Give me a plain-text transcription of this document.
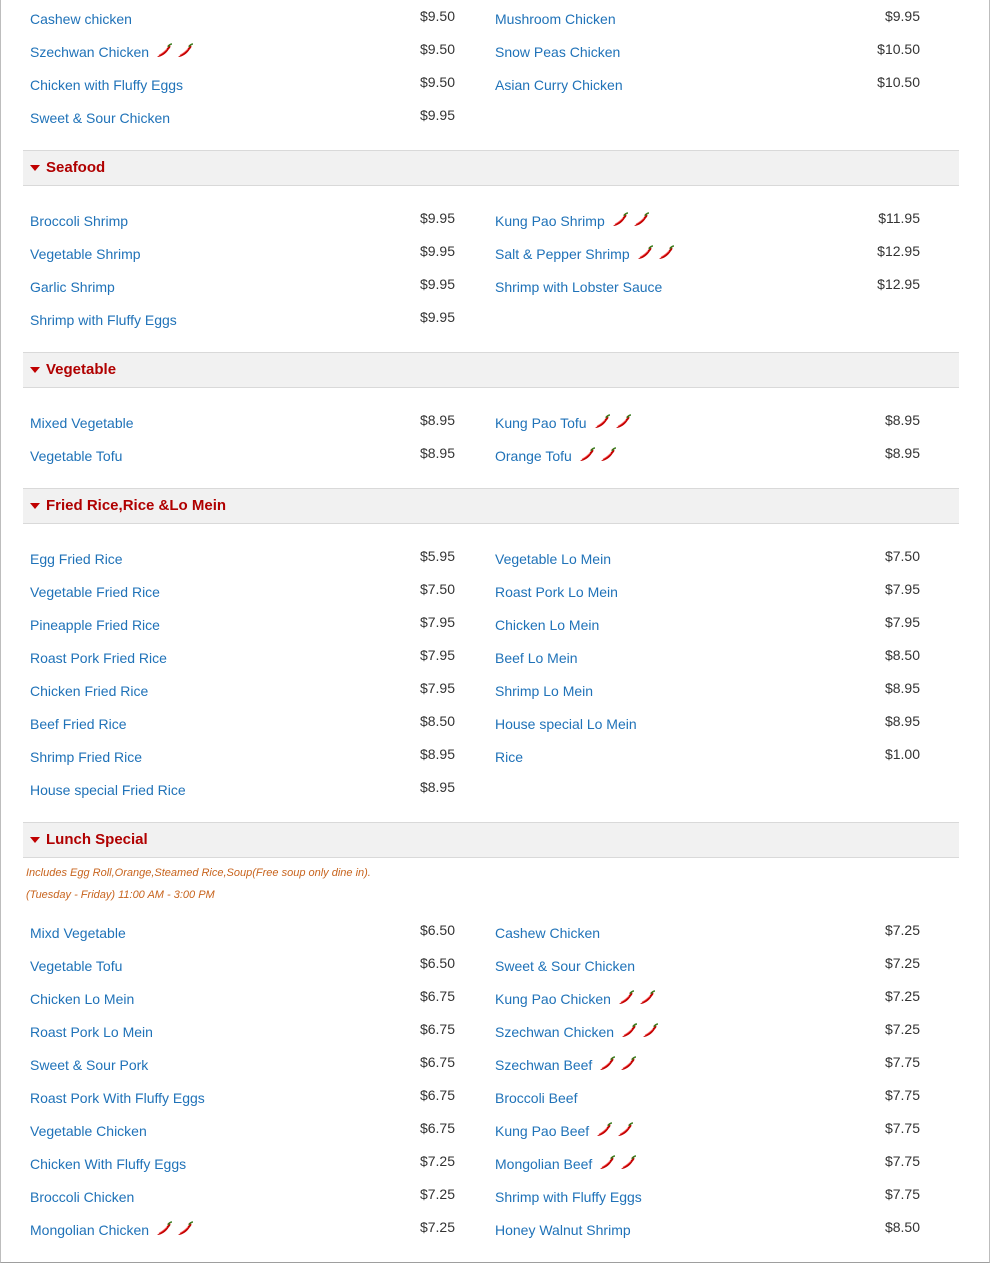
Cashew chicken	$9.50
Szechwan Chicken	$9.50
Chicken with Fluffy Eggs	$9.50
Sweet & Sour Chicken	$9.95
Mushroom Chicken	$9.95
Snow Peas Chicken	$10.50
Asian Curry Chicken	$10.50
Seafood
Broccoli Shrimp	$9.95
Vegetable Shrimp	$9.95
Garlic Shrimp	$9.95
Shrimp with Fluffy Eggs	$9.95
Kung Pao Shrimp	$11.95
Salt & Pepper Shrimp	$12.95
Shrimp with Lobster Sauce	$12.95
Vegetable
Mixed Vegetable	$8.95
Vegetable Tofu	$8.95
Kung Pao Tofu	$8.95
Orange Tofu	$8.95
Fried Rice,Rice &Lo Mein
Egg Fried Rice	$5.95
Vegetable Fried Rice	$7.50
Pineapple Fried Rice	$7.95
Roast Pork Fried Rice	$7.95
Chicken Fried Rice	$7.95
Beef Fried Rice	$8.50
Shrimp Fried Rice	$8.95
House special Fried Rice	$8.95
Vegetable Lo Mein	$7.50
Roast Pork Lo Mein	$7.95
Chicken Lo Mein	$7.95
Beef Lo Mein	$8.50
Shrimp Lo Mein	$8.95
House special Lo Mein	$8.95
Rice	$1.00
Lunch Special
Includes Egg Roll,Orange,Steamed Rice,Soup(Free soup only dine in).
(Tuesday - Friday) 11:00 AM - 3:00 PM
Mixd Vegetable	$6.50
Vegetable Tofu	$6.50
Chicken Lo Mein	$6.75
Roast Pork Lo Mein	$6.75
Sweet & Sour Pork	$6.75
Roast Pork With Fluffy Eggs	$6.75
Vegetable Chicken	$6.75
Chicken With Fluffy Eggs	$7.25
Broccoli Chicken	$7.25
Mongolian Chicken	$7.25
Cashew Chicken	$7.25
Sweet & Sour Chicken	$7.25
Kung Pao Chicken	$7.25
Szechwan Chicken	$7.25
Szechwan Beef	$7.75
Broccoli Beef	$7.75
Kung Pao Beef	$7.75
Mongolian Beef	$7.75
Shrimp with Fluffy Eggs	$7.75
Honey Walnut Shrimp	$8.50
